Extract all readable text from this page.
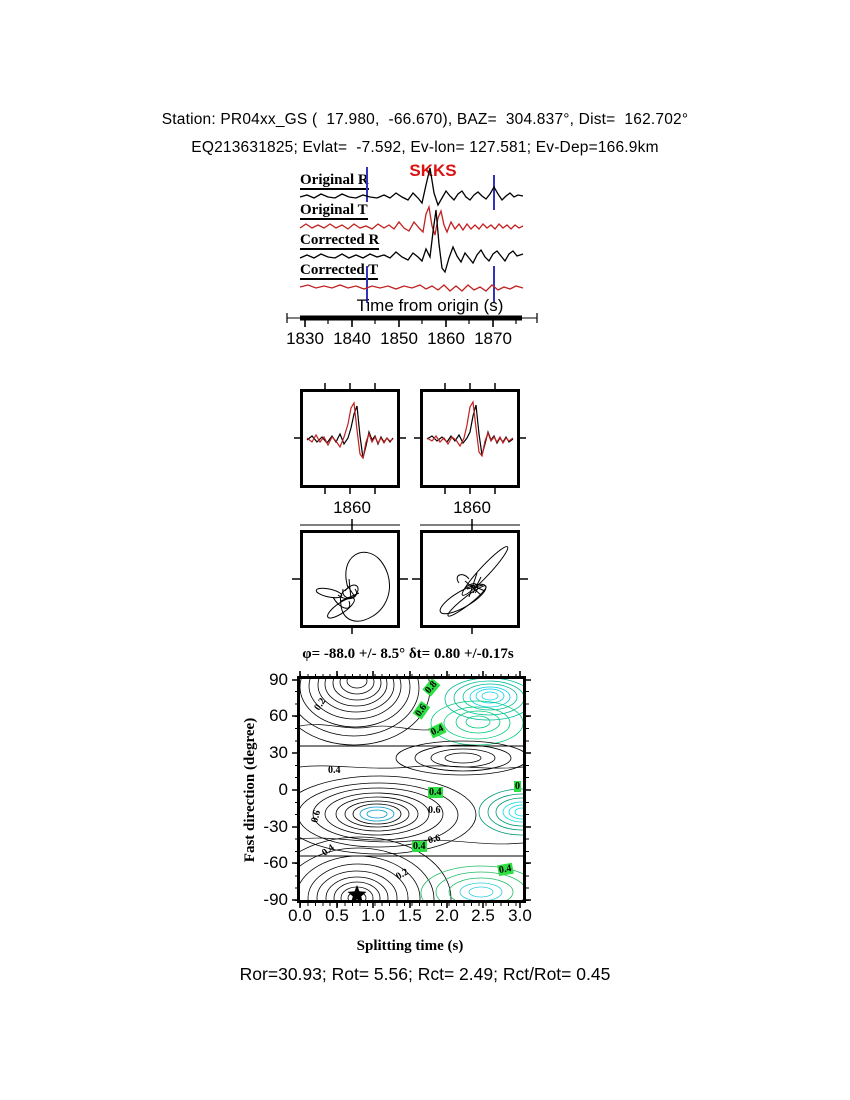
Station: PR04xx_GS (  17.980,  -66.670), BAZ=  304.837°, Dist=  162.702°
EQ213631825; Evlat=  -7.592, Ev-lon= 127.581; Ev-Dep=166.9km
SKKS
Original R
Original T
Corrected R
Corrected T
Time from origin (s)
1830 1840 1850 1860 1870
1860	1860
φ= -88.0 +/- 8.5° δt= 0.80 +/-0.17s
0.2
0.8
0.6
0.4
0.4
0.4
0
0.6
0.6
0.6
0.4
0.4
0.2	0.4
90
60
30
0
-30
-60
-90
0.0 0.5 1.0 1.5 2.0 2.5 3.0
Fast direction (degree)
Splitting time (s)
Ror=30.93; Rot= 5.56; Rct= 2.49; Rct/Rot= 0.45
